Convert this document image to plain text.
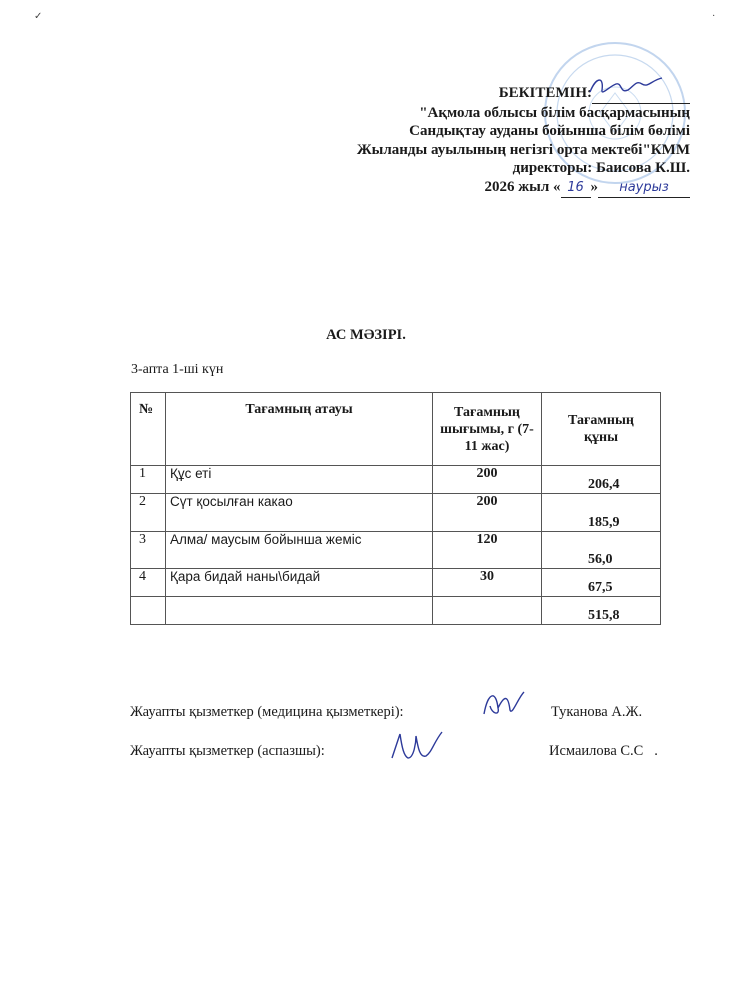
✓	·
БЕКІТЕМІН:
"Ақмола облысы білім басқармасының
Сандықтау ауданы бойынша білім бөлімі
Жыланды ауылының негізгі орта мектебі"КММ
директоры: Баисова К.Ш.
2026 жыл « 16 » наурыз
АС МӘЗІРІ.
3-апта 1-ші күн
№	Тағамның атауы	Тағамның шығымы, г (7-11 жас)	Тағамның құны
1	Құс еті	200	206,4
2	Сүт қосылған какао	200	185,9
3	Алма/ маусым бойынша жеміс	120	56,0
4	Қара бидай наны\бидай	30	67,5
			515,8
Жауапты қызметкер (медицина қызметкері):	Туканова А.Ж.
Жауапты қызметкер (аспазшы):	Исмаилова С.С   .
